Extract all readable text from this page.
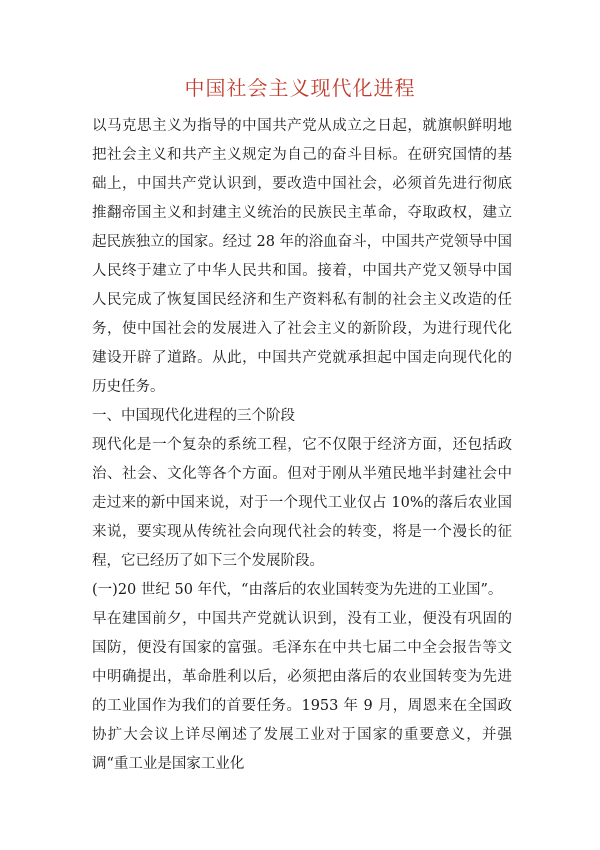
中国社会主义现代化进程

以马克思主义为指导的中国共产党从成立之日起，就旗帜鲜明地把社会主义和共产主义规定为自己的奋斗目标。在研究国情的基础上，中国共产党认识到，要改造中国社会，必须首先进行彻底推翻帝国主义和封建主义统治的民族民主革命，夺取政权，建立起民族独立的国家。经过 28 年的浴血奋斗，中国共产党领导中国人民终于建立了中华人民共和国。接着，中国共产党又领导中国人民完成了恢复国民经济和生产资料私有制的社会主义改造的任务，使中国社会的发展进入了社会主义的新阶段，为进行现代化建设开辟了道路。从此，中国共产党就承担起中国走向现代化的历史任务。

一、中国现代化进程的三个阶段

现代化是一个复杂的系统工程，它不仅限于经济方面，还包括政治、社会、文化等各个方面。但对于刚从半殖民地半封建社会中走过来的新中国来说，对于一个现代工业仅占 10%的落后农业国来说，要实现从传统社会向现代社会的转变，将是一个漫长的征程，它已经历了如下三个发展阶段。

(一)20 世纪 50 年代，“由落后的农业国转变为先进的工业国”。

早在建国前夕，中国共产党就认识到，没有工业，便没有巩固的国防，便没有国家的富强。毛泽东在中共七届二中全会报告等文中明确提出，革命胜利以后，必须把由落后的农业国转变为先进的工业国作为我们的首要任务。1953 年 9 月，周恩来在全国政协扩大会议上详尽阐述了发展工业对于国家的重要意义，并强调“重工业是国家工业化
